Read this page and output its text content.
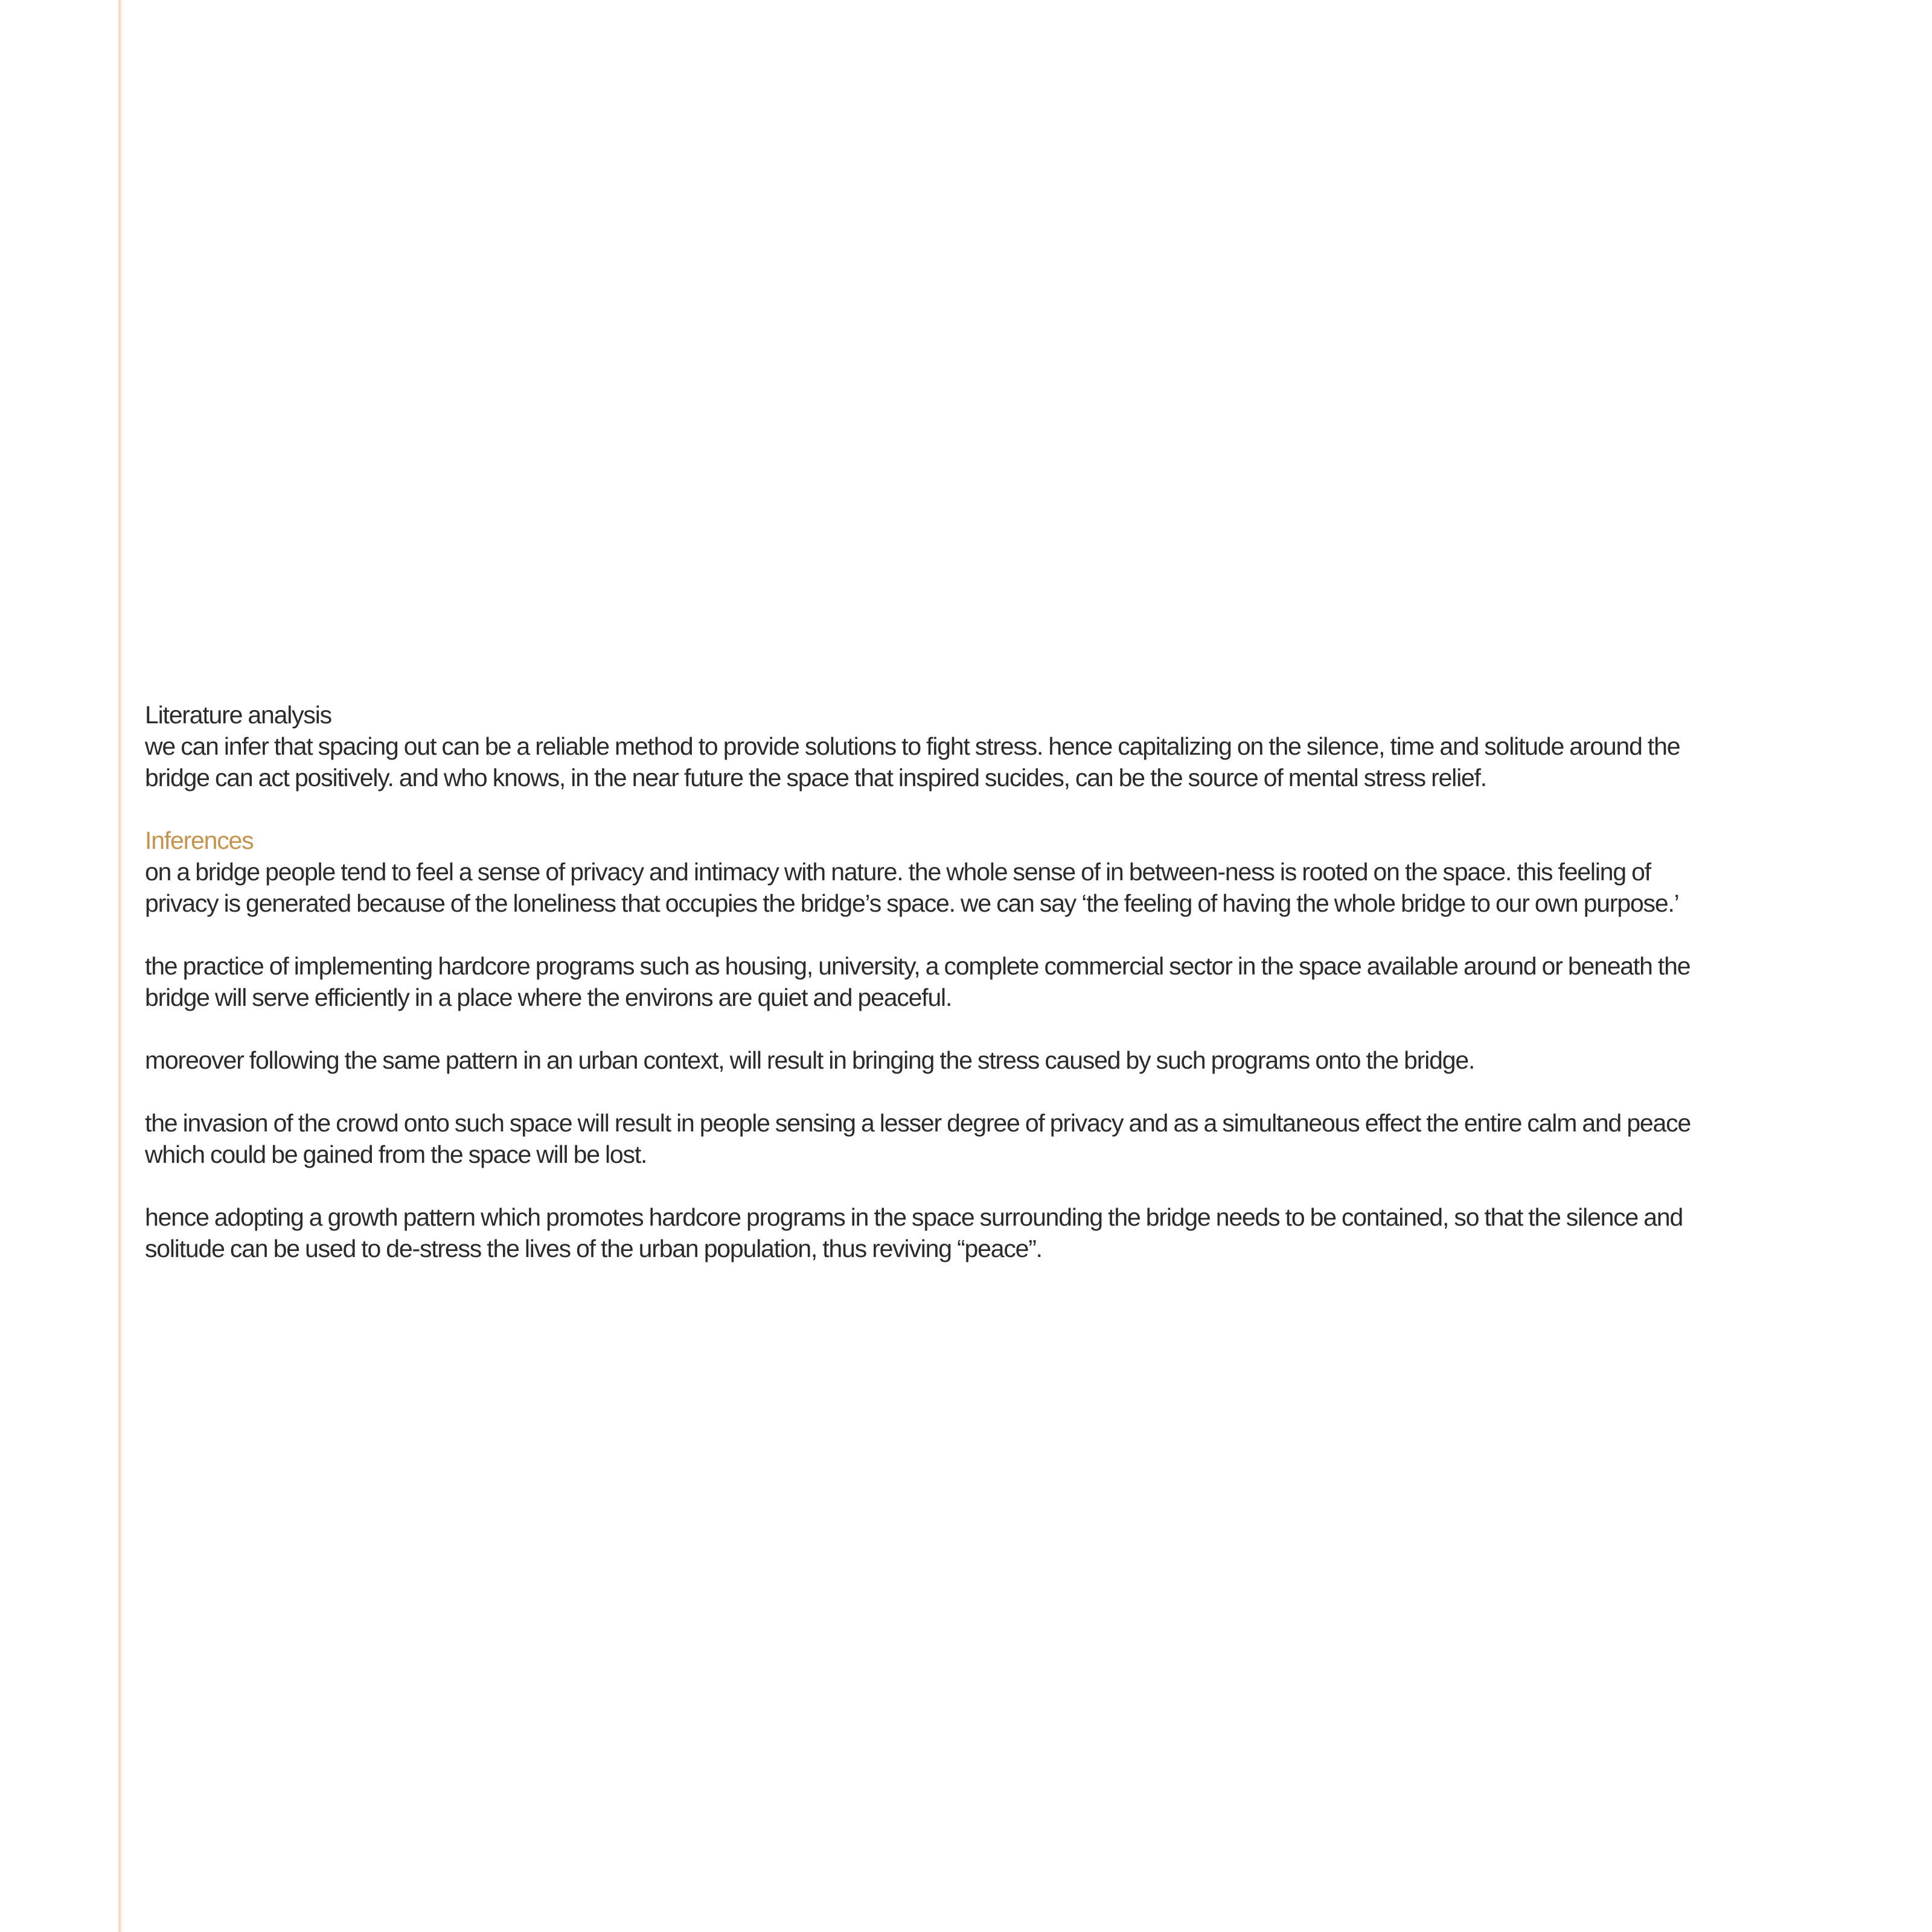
Literature analysis

we can infer that spacing out can be a reliable method to provide solutions to fight stress. hence capitalizing on the silence, time and solitude around the

bridge can act positively. and who knows, in the near future the space that inspired sucides, can be the source of mental stress relief.

Inferences

on a bridge people tend to feel a sense of privacy and intimacy with nature. the whole sense of in between-ness is rooted on the space. this feeling of

privacy is generated because of the loneliness that occupies the bridge’s space. we can say ‘the feeling of having the whole bridge to our own purpose.’

the practice of implementing hardcore programs such as housing, university, a complete commercial sector in the space available around or beneath the

bridge will serve efficiently in a place where the environs are quiet and peaceful.

moreover following the same pattern in an urban context, will result in bringing the stress caused by such programs onto the bridge.

the invasion of the crowd onto such space will result in people sensing a lesser degree of privacy and as a simultaneous effect the entire calm and peace

which could be gained from the space will be lost.

hence adopting a growth pattern which promotes hardcore programs in the space surrounding the bridge needs to be contained, so that the silence and

solitude can be used to de-stress the lives of the urban population, thus reviving “peace”.
